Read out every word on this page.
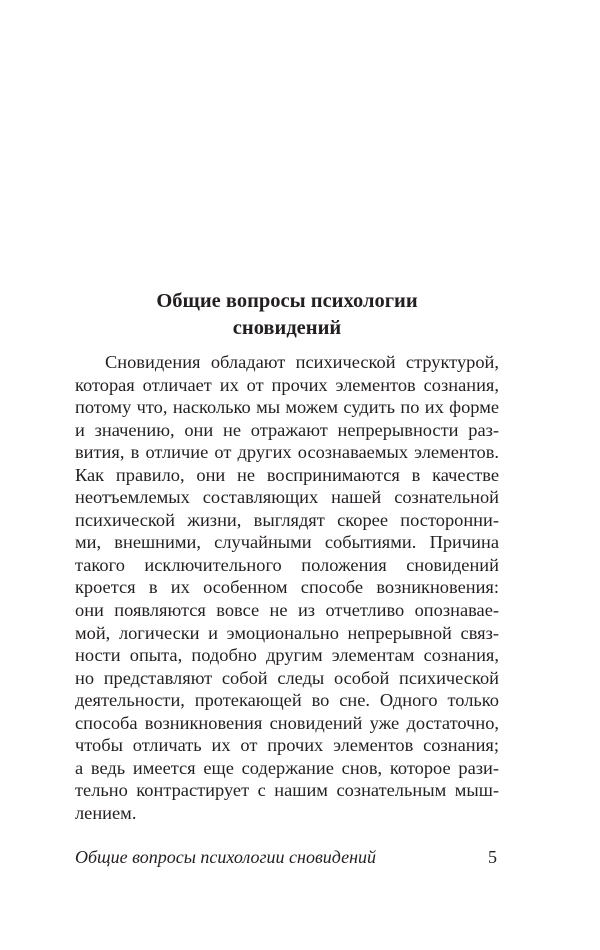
Общие вопросы психологии
сновидений

Сновидения обладают психической структурой,
которая отличает их от прочих элементов сознания,
потому что, насколько мы можем судить по их форме
и значению, они не отражают непрерывности раз-
вития, в отличие от других осознаваемых элементов.
Как правило, они не воспринимаются в качестве
неотъемлемых составляющих нашей сознательной
психической жизни, выглядят скорее посторонни-
ми, внешними, случайными событиями. Причина
такого исключительного положения сновидений
кроется в их особенном способе возникновения:
они появляются вовсе не из отчетливо опознавае-
мой, логически и эмоционально непрерывной связ-
ности опыта, подобно другим элементам сознания,
но представляют собой следы особой психической
деятельности, протекающей во сне. Одного только
способа возникновения сновидений уже достаточно,
чтобы отличать их от прочих элементов сознания;
а ведь имеется еще содержание снов, которое рази-
тельно контрастирует с нашим сознательным мыш-
лением.

Общие вопросы психологии сновидений	5
